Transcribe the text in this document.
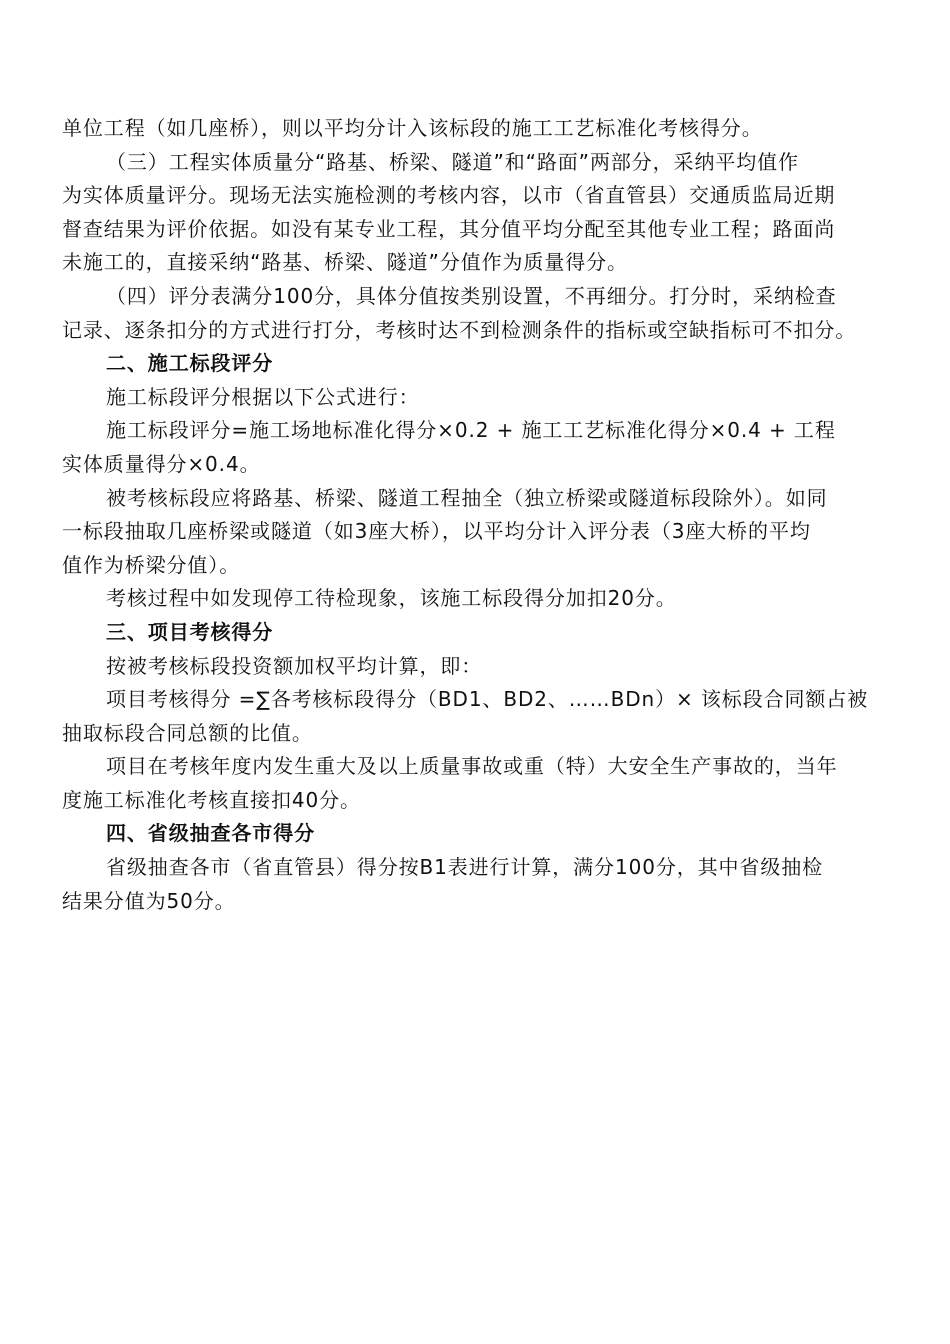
单位工程（如几座桥），则以平均分计入该标段的施工工艺标准化考核得分。
（三）工程实体质量分“路基、桥梁、隧道”和“路面”两部分，采纳平均值作
为实体质量评分。现场无法实施检测的考核内容，以市（省直管县）交通质监局近期
督查结果为评价依据。如没有某专业工程，其分值平均分配至其他专业工程；路面尚
未施工的，直接采纳“路基、桥梁、隧道”分值作为质量得分。
（四）评分表满分100分，具体分值按类别设置，不再细分。打分时，采纳检查
记录、逐条扣分的方式进行打分，考核时达不到检测条件的指标或空缺指标可不扣分。
二、施工标段评分
施工标段评分根据以下公式进行：
施工标段评分=施工场地标准化得分×0.2 + 施工工艺标准化得分×0.4 + 工程
实体质量得分×0.4。
被考核标段应将路基、桥梁、隧道工程抽全（独立桥梁或隧道标段除外）。如同
一标段抽取几座桥梁或隧道（如3座大桥），以平均分计入评分表（3座大桥的平均
值作为桥梁分值）。
考核过程中如发现停工待检现象，该施工标段得分加扣20分。
三、项目考核得分
按被考核标段投资额加权平均计算，即：
项目考核得分 =∑各考核标段得分（BD1、BD2、……BDn）× 该标段合同额占被
抽取标段合同总额的比值。
项目在考核年度内发生重大及以上质量事故或重（特）大安全生产事故的，当年
度施工标准化考核直接扣40分。
四、省级抽查各市得分
省级抽查各市（省直管县）得分按B1表进行计算，满分100分，其中省级抽检
结果分值为50分。
